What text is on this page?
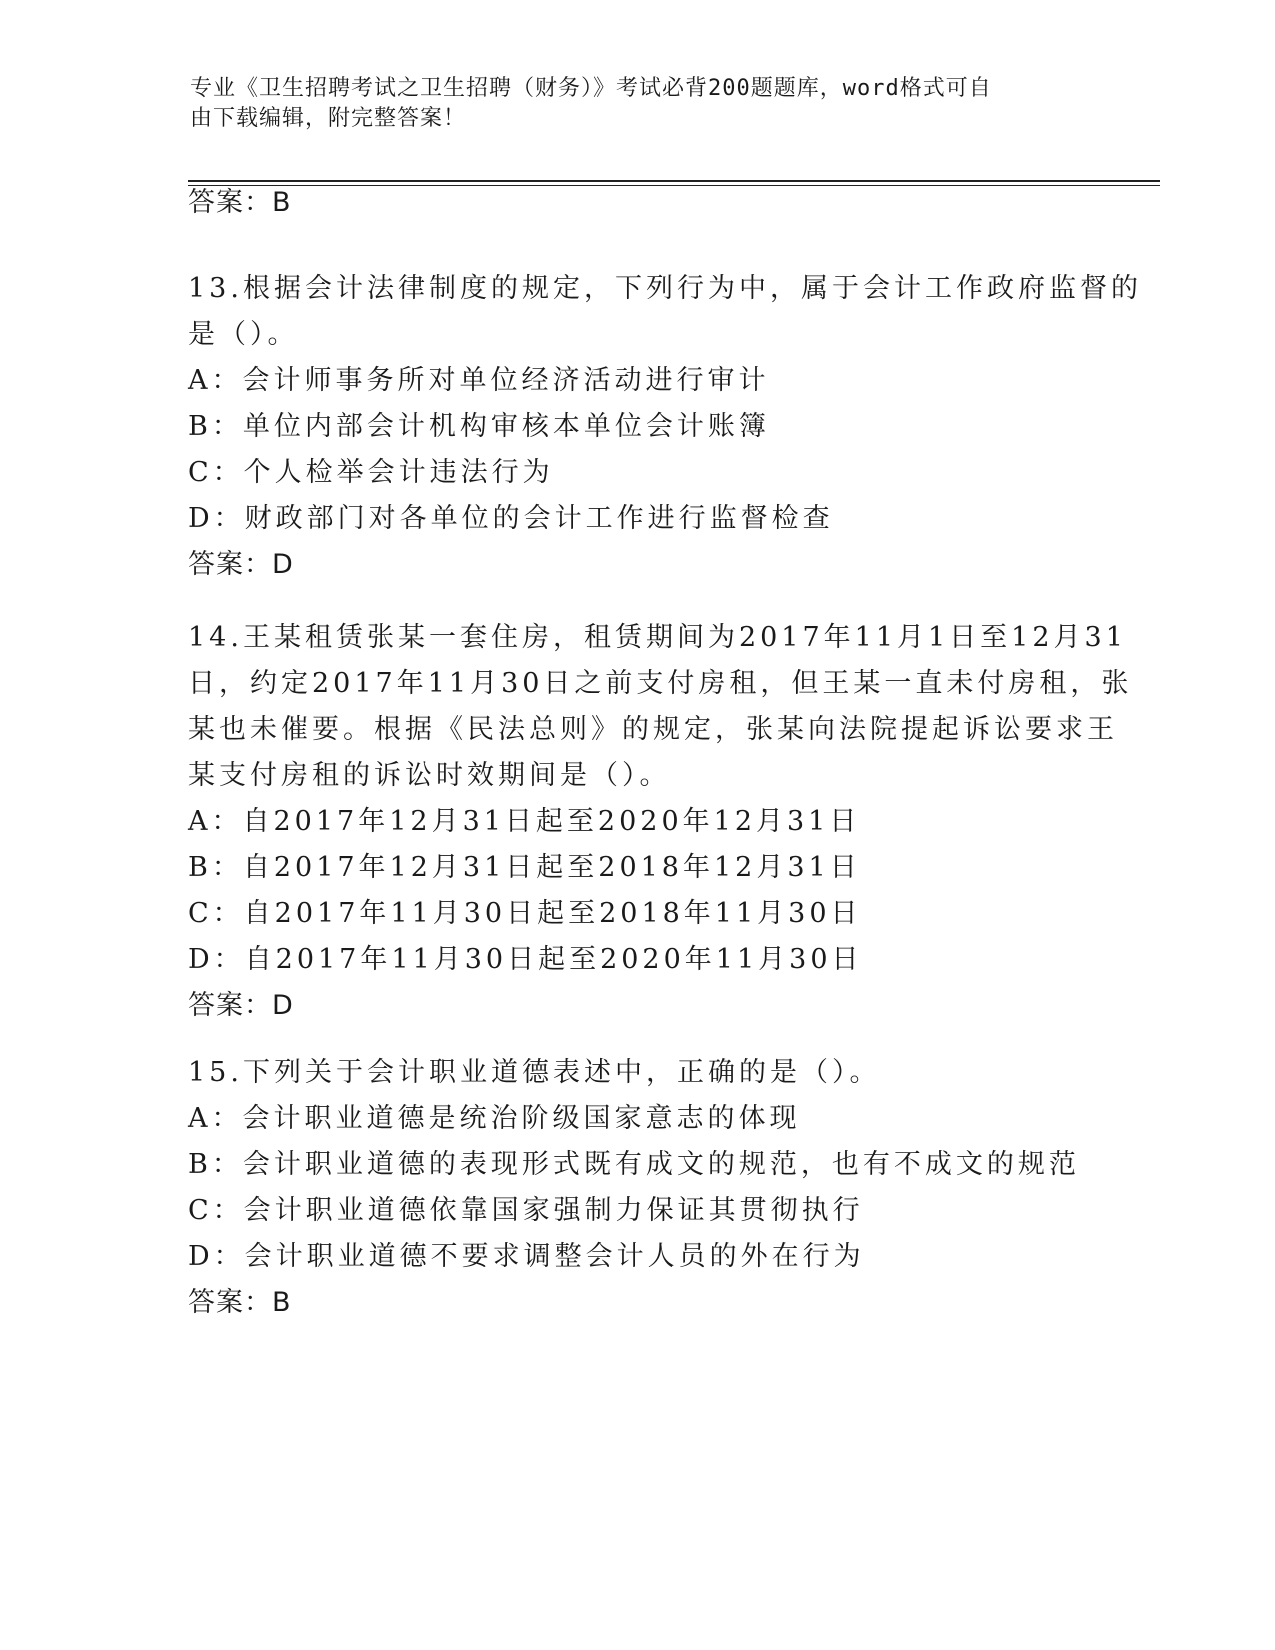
专业《卫生招聘考试之卫生招聘（财务）》考试必背200题题库，word格式可自
由下载编辑，附完整答案！
答案：B
13.根据会计法律制度的规定，下列行为中，属于会计工作政府监督的
是（）。
A：会计师事务所对单位经济活动进行审计
B：单位内部会计机构审核本单位会计账簿
C：个人检举会计违法行为
D：财政部门对各单位的会计工作进行监督检查
答案：D
14.王某租赁张某一套住房，租赁期间为2017年11月1日至12月31
日，约定2017年11月30日之前支付房租，但王某一直未付房租，张
某也未催要。根据《民法总则》的规定，张某向法院提起诉讼要求王
某支付房租的诉讼时效期间是（）。
A：自2017年12月31日起至2020年12月31日
B：自2017年12月31日起至2018年12月31日
C：自2017年11月30日起至2018年11月30日
D：自2017年11月30日起至2020年11月30日
答案：D
15.下列关于会计职业道德表述中，正确的是（）。
A：会计职业道德是统治阶级国家意志的体现
B：会计职业道德的表现形式既有成文的规范，也有不成文的规范
C：会计职业道德依靠国家强制力保证其贯彻执行
D：会计职业道德不要求调整会计人员的外在行为
答案：B
